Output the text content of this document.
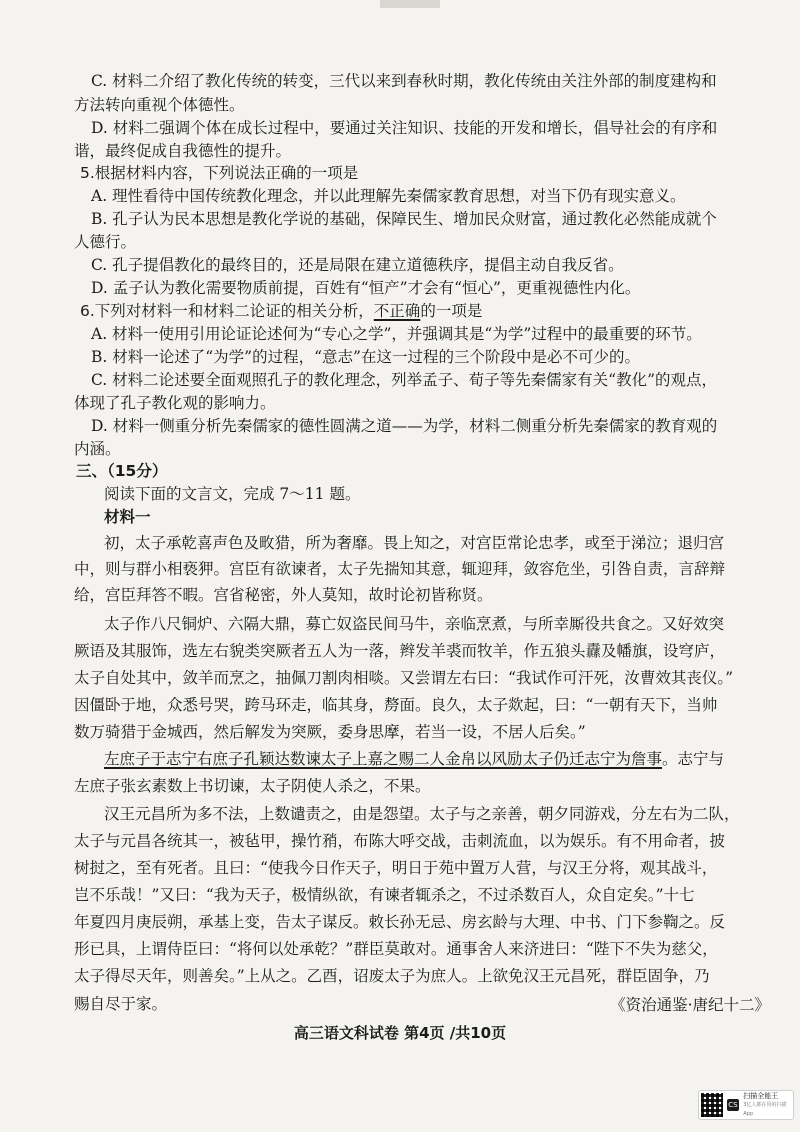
C. 材料二介绍了教化传统的转变，三代以来到春秋时期，教化传统由关注外部的制度建构和
方法转向重视个体德性。
D. 材料二强调个体在成长过程中，要通过关注知识、技能的开发和增长，倡导社会的有序和
谐，最终促成自我德性的提升。
5.根据材料内容，下列说法正确的一项是
A. 理性看待中国传统教化理念，并以此理解先秦儒家教育思想，对当下仍有现实意义。
B. 孔子认为民本思想是教化学说的基础，保障民生、增加民众财富，通过教化必然能成就个
人德行。
C. 孔子提倡教化的最终目的，还是局限在建立道德秩序，提倡主动自我反省。
D. 孟子认为教化需要物质前提，百姓有“恒产”才会有“恒心”，更重视德性内化。
6.下列对材料一和材料二论证的相关分析，不正确的一项是
A. 材料一使用引用论证论述何为“专心之学”，并强调其是“为学”过程中的最重要的环节。
B. 材料一论述了“为学”的过程，“意志”在这一过程的三个阶段中是必不可少的。
C. 材料二论述要全面观照孔子的教化理念，列举孟子、荀子等先秦儒家有关“教化”的观点，
体现了孔子教化观的影响力。
D. 材料一侧重分析先秦儒家的德性圆满之道——为学，材料二侧重分析先秦儒家的教育观的
内涵。
三、（15分）
阅读下面的文言文，完成 7～11 题。
材料一
初，太子承乾喜声色及畋猎，所为奢靡。畏上知之，对宫臣常论忠孝，或至于涕泣；退归宫
中，则与群小相亵狎。宫臣有欲谏者，太子先揣知其意，辄迎拜，敛容危坐，引咎自责，言辞辩
给，宫臣拜答不暇。宫省秘密，外人莫知，故时论初皆称贤。
太子作八尺铜炉、六隔大鼎，募亡奴盗民间马牛，亲临烹煮，与所幸厮役共食之。又好效突
厥语及其服饰，选左右貌类突厥者五人为一落，辫发羊裘而牧羊，作五狼头纛及幡旗，设穹庐，
太子自处其中，敛羊而烹之，抽佩刀割肉相啖。又尝谓左右曰：“我试作可汗死，汝曹效其丧仪。”
因僵卧于地，众悉号哭，跨马环走，临其身，剺面。良久，太子欻起，曰：“一朝有天下，当帅
数万骑猎于金城西，然后解发为突厥，委身思摩，若当一设，不居人后矣。”
左庶子于志宁右庶子孔颖达数谏太子上嘉之赐二人金帛以风励太子仍迁志宁为詹事。志宁与
左庶子张玄素数上书切谏，太子阴使人杀之，不果。
汉王元昌所为多不法，上数谴责之，由是怨望。太子与之亲善，朝夕同游戏，分左右为二队，
太子与元昌各统其一，被毡甲，操竹矟，布陈大呼交战，击刺流血，以为娱乐。有不用命者，披
树挝之，至有死者。且曰：“使我今日作天子，明日于苑中置万人营，与汉王分将，观其战斗，
岂不乐哉！”又曰：“我为天子，极情纵欲，有谏者辄杀之，不过杀数百人，众自定矣。”十七
年夏四月庚辰朔，承基上变，告太子谋反。敕长孙无忌、房玄龄与大理、中书、门下参鞫之。反
形已具，上谓侍臣曰：“将何以处承乾？”群臣莫敢对。通事舍人来济进曰：“陛下不失为慈父，
太子得尽天年，则善矣。”上从之。乙酉，诏废太子为庶人。上欲免汉王元昌死，群臣固争，乃
赐自尽于家。	《资治通鉴·唐纪十二》
高三语文科试卷 第4页 /共10页
CS
扫描全能王
3亿人都在用的扫描App
